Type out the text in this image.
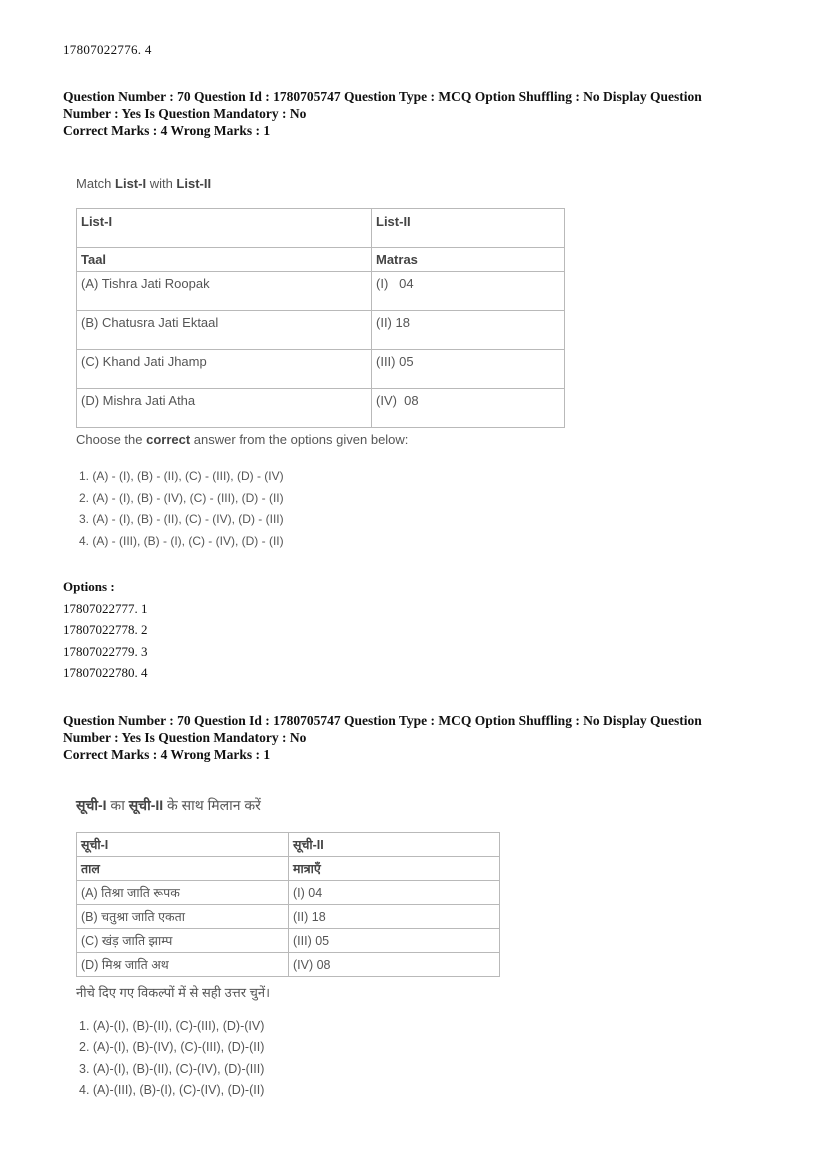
17807022776. 4
Question Number : 70 Question Id : 1780705747 Question Type : MCQ Option Shuffling : No Display Question
Number : Yes Is Question Mandatory : No
Correct Marks : 4 Wrong Marks : 1
Match List-I with List-II
List-I	List-II
Taal	Matras
(A) Tishra Jati Roopak	(I)   04
(B) Chatusra Jati Ektaal	(II) 18
(C) Khand Jati Jhamp	(III) 05
(D) Mishra Jati Atha	(IV)  08
Choose the correct answer from the options given below:
1. (A) - (I), (B) - (II), (C) - (III), (D) - (IV)
2. (A) - (I), (B) - (IV), (C) - (III), (D) - (II)
3. (A) - (I), (B) - (II), (C) - (IV), (D) - (III)
4. (A) - (III), (B) - (I), (C) - (IV), (D) - (II)
Options :
17807022777. 1
17807022778. 2
17807022779. 3
17807022780. 4
Question Number : 70 Question Id : 1780705747 Question Type : MCQ Option Shuffling : No Display Question
Number : Yes Is Question Mandatory : No
Correct Marks : 4 Wrong Marks : 1
सूची-I का सूची-II के साथ मिलान करें
सूची-I	सूची-II
ताल	मात्राएँ
(A) तिश्रा जाति रूपक	(I) 04
(B) चतुश्रा जाति एकता	(II) 18
(C) खंड़ जाति झाम्प	(III) 05
(D) मिश्र जाति अथ	(IV) 08
नीचे दिए गए विकल्पों में से सही उत्तर चुनें।
1. (A)-(I), (B)-(II), (C)-(III), (D)-(IV)
2. (A)-(I), (B)-(IV), (C)-(III), (D)-(II)
3. (A)-(I), (B)-(II), (C)-(IV), (D)-(III)
4. (A)-(III), (B)-(I), (C)-(IV), (D)-(II)
